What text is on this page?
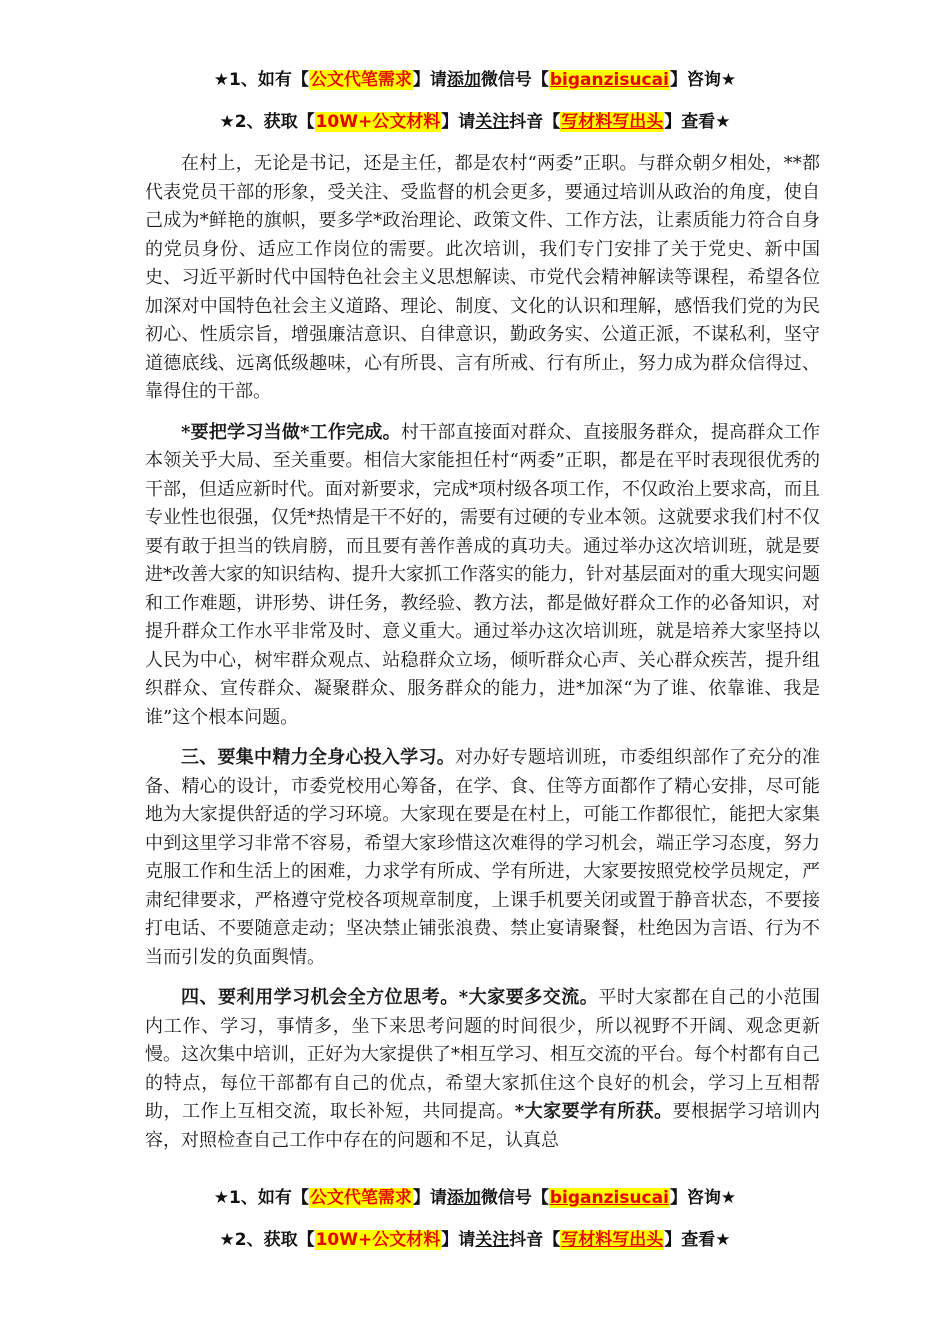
★1、如有【公文代笔需求】请添加微信号【biganzisucai】咨询★
★2、获取【10W+公文材料】请关注抖音【写材料写出头】查看★

在村上，无论是书记，还是主任，都是农村“两委”正职。与群众朝夕相处，**都代表党员干部的形象，受关注、受监督的机会更多，要通过培训从政治的角度，使自己成为*鲜艳的旗帜，要多学*政治理论、政策文件、工作方法，让素质能力符合自身的党员身份、适应工作岗位的需要。此次培训，我们专门安排了关于党史、新中国史、习近平新时代中国特色社会主义思想解读、市党代会精神解读等课程，希望各位加深对中国特色社会主义道路、理论、制度、文化的认识和理解，感悟我们党的为民初心、性质宗旨，增强廉洁意识、自律意识，勤政务实、公道正派，不谋私利，坚守道德底线、远离低级趣味，心有所畏、言有所戒、行有所止，努力成为群众信得过、靠得住的干部。

*要把学习当做*工作完成。村干部直接面对群众、直接服务群众，提高群众工作本领关乎大局、至关重要。相信大家能担任村“两委”正职，都是在平时表现很优秀的干部，但适应新时代。面对新要求，完成*项村级各项工作，不仅政治上要求高，而且专业性也很强，仅凭*热情是干不好的，需要有过硬的专业本领。这就要求我们村不仅要有敢于担当的铁肩膀，而且要有善作善成的真功夫。通过举办这次培训班，就是要进*改善大家的知识结构、提升大家抓工作落实的能力，针对基层面对的重大现实问题和工作难题，讲形势、讲任务，教经验、教方法，都是做好群众工作的必备知识，对提升群众工作水平非常及时、意义重大。通过举办这次培训班，就是培养大家坚持以人民为中心，树牢群众观点、站稳群众立场，倾听群众心声、关心群众疾苦，提升组织群众、宣传群众、凝聚群众、服务群众的能力，进*加深“为了谁、依靠谁、我是谁”这个根本问题。

三、要集中精力全身心投入学习。对办好专题培训班，市委组织部作了充分的准备、精心的设计，市委党校用心筹备，在学、食、住等方面都作了精心安排，尽可能地为大家提供舒适的学习环境。大家现在要是在村上，可能工作都很忙，能把大家集中到这里学习非常不容易，希望大家珍惜这次难得的学习机会，端正学习态度，努力克服工作和生活上的困难，力求学有所成、学有所进，大家要按照党校学员规定，严肃纪律要求，严格遵守党校各项规章制度，上课手机要关闭或置于静音状态，不要接打电话、不要随意走动；坚决禁止铺张浪费、禁止宴请聚餐，杜绝因为言语、行为不当而引发的负面舆情。

四、要利用学习机会全方位思考。*大家要多交流。平时大家都在自己的小范围内工作、学习，事情多，坐下来思考问题的时间很少，所以视野不开阔、观念更新慢。这次集中培训，正好为大家提供了*相互学习、相互交流的平台。每个村都有自己的特点，每位干部都有自己的优点，希望大家抓住这个良好的机会，学习上互相帮助，工作上互相交流，取长补短，共同提高。*大家要学有所获。要根据学习培训内容，对照检查自己工作中存在的问题和不足，认真总

★1、如有【公文代笔需求】请添加微信号【biganzisucai】咨询★
★2、获取【10W+公文材料】请关注抖音【写材料写出头】查看★
